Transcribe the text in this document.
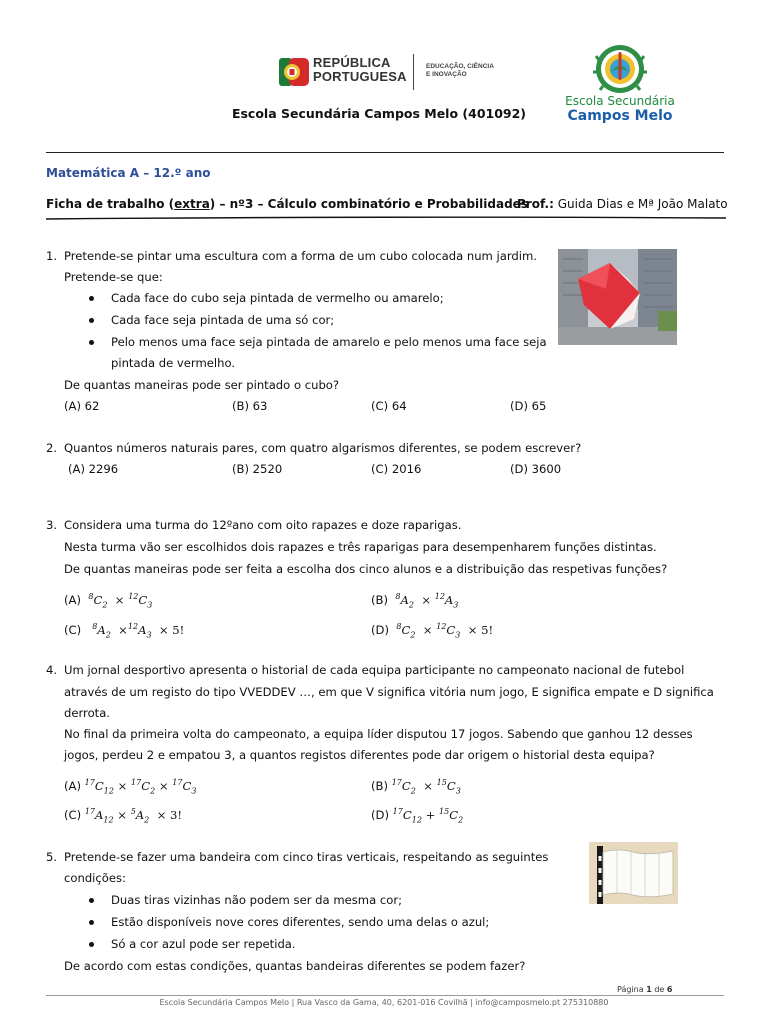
REPÚBLICA
PORTUGUESA
EDUCAÇÃO, CIÊNCIA
E INOVAÇÃO
Escola Secundária Campos Melo (401092)
Escola Secundária
Campos Melo
Matemática A – 12.º ano
Ficha de trabalho (extra) – nº3 – Cálculo combinatório e Probabilidades
Prof.: Guida Dias e Mª João Malato
1. Pretende-se pintar uma escultura com a forma de um cubo colocada num jardim.
Pretende-se que:
Cada face do cubo seja pintada de vermelho ou amarelo;
Cada face seja pintada de uma só cor;
Pelo menos uma face seja pintada de amarelo e pelo menos uma face seja
pintada de vermelho.
De quantas maneiras pode ser pintado o cubo?
(A) 62	(B) 63	(C) 64	(D) 65
2. Quantos números naturais pares, com quatro algarismos diferentes, se podem escrever?
(A) 2296	(B) 2520	(C) 2016	(D) 3600
3. Considera uma turma do 12ºano com oito rapazes e doze raparigas.
Nesta turma vão ser escolhidos dois rapazes e três raparigas para desempenharem funções distintas.
De quantas maneiras pode ser feita a escolha dos cinco alunos e a distribuição das respetivas funções?
(A) $^8C_2 \times ^{12}C_3$	(B) $^8A_2 \times ^{12}A_3$
(C) $^8A_2 \times^{12}A_3 \times 5$!	(D) $^8C_2 \times ^{12}C_3 \times 5$!
4. Um jornal desportivo apresenta o historial de cada equipa participante no campeonato nacional de futebol
através de um registo do tipo VVEDDEV …, em que V significa vitória num jogo, E significa empate e D significa
derrota.
No final da primeira volta do campeonato, a equipa líder disputou 17 jogos. Sabendo que ganhou 12 desses
jogos, perdeu 2 e empatou 3, a quantos registos diferentes pode dar origem o historial desta equipa?
(A) $^{17}C_{12} \times ^{17}C_2 \times ^{17}C_3$	(B) $^{17}C_2 \times ^{15}C_3$
(C) $^{17}A_{12} \times ^5A_2 \times 3$!	(D) $^{17}C_{12} + ^{15}C_2$
5. Pretende-se fazer uma bandeira com cinco tiras verticais, respeitando as seguintes
condições:
Duas tiras vizinhas não podem ser da mesma cor;
Estão disponíveis nove cores diferentes, sendo uma delas o azul;
Só a cor azul pode ser repetida.
De acordo com estas condições, quantas bandeiras diferentes se podem fazer?
Página 1 de 6
Escola Secundária Campos Melo | Rua Vasco da Gama, 40, 6201-016 Covilhã | info@camposmelo.pt 275310880
